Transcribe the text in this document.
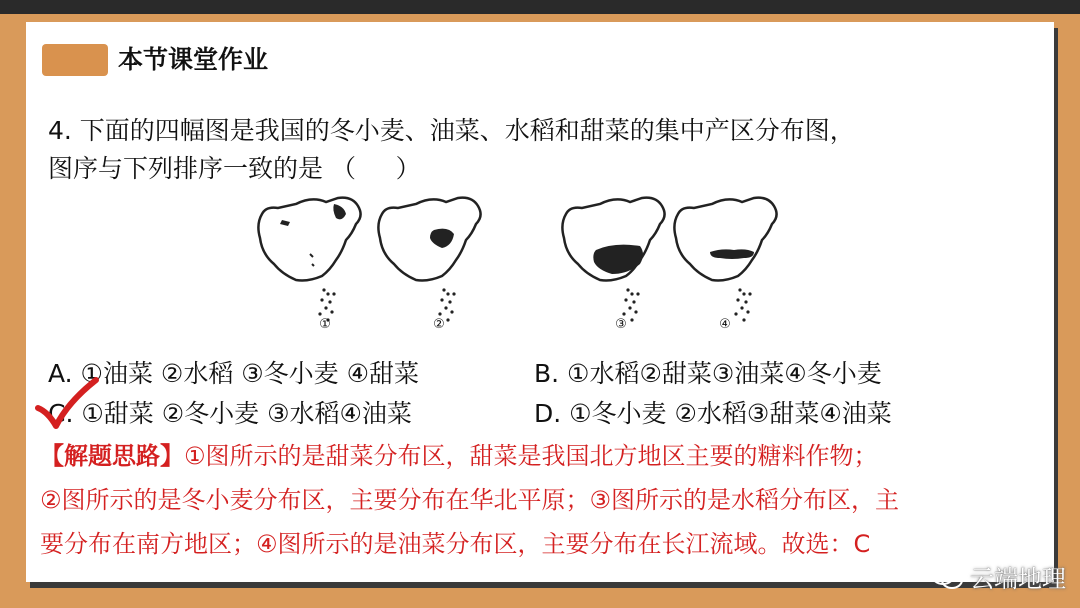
本节课堂作业
4. 下面的四幅图是我国的冬小麦、油菜、水稻和甜菜的集中产区分布图，
图序与下列排序一致的是 （     ）
①	②	③	④
A. ①油菜 ②水稻 ③冬小麦 ④甜菜	B. ①水稻②甜菜③油菜④冬小麦
C. ①甜菜 ②冬小麦 ③水稻④油菜	D. ①冬小麦 ②水稻③甜菜④油菜
【解题思路】①图所示的是甜菜分布区，甜菜是我国北方地区主要的糖料作物；
②图所示的是冬小麦分布区，主要分布在华北平原；③图所示的是水稻分布区，主
要分布在南方地区；④图所示的是油菜分布区，主要分布在长江流域。故选：C
云端地理
